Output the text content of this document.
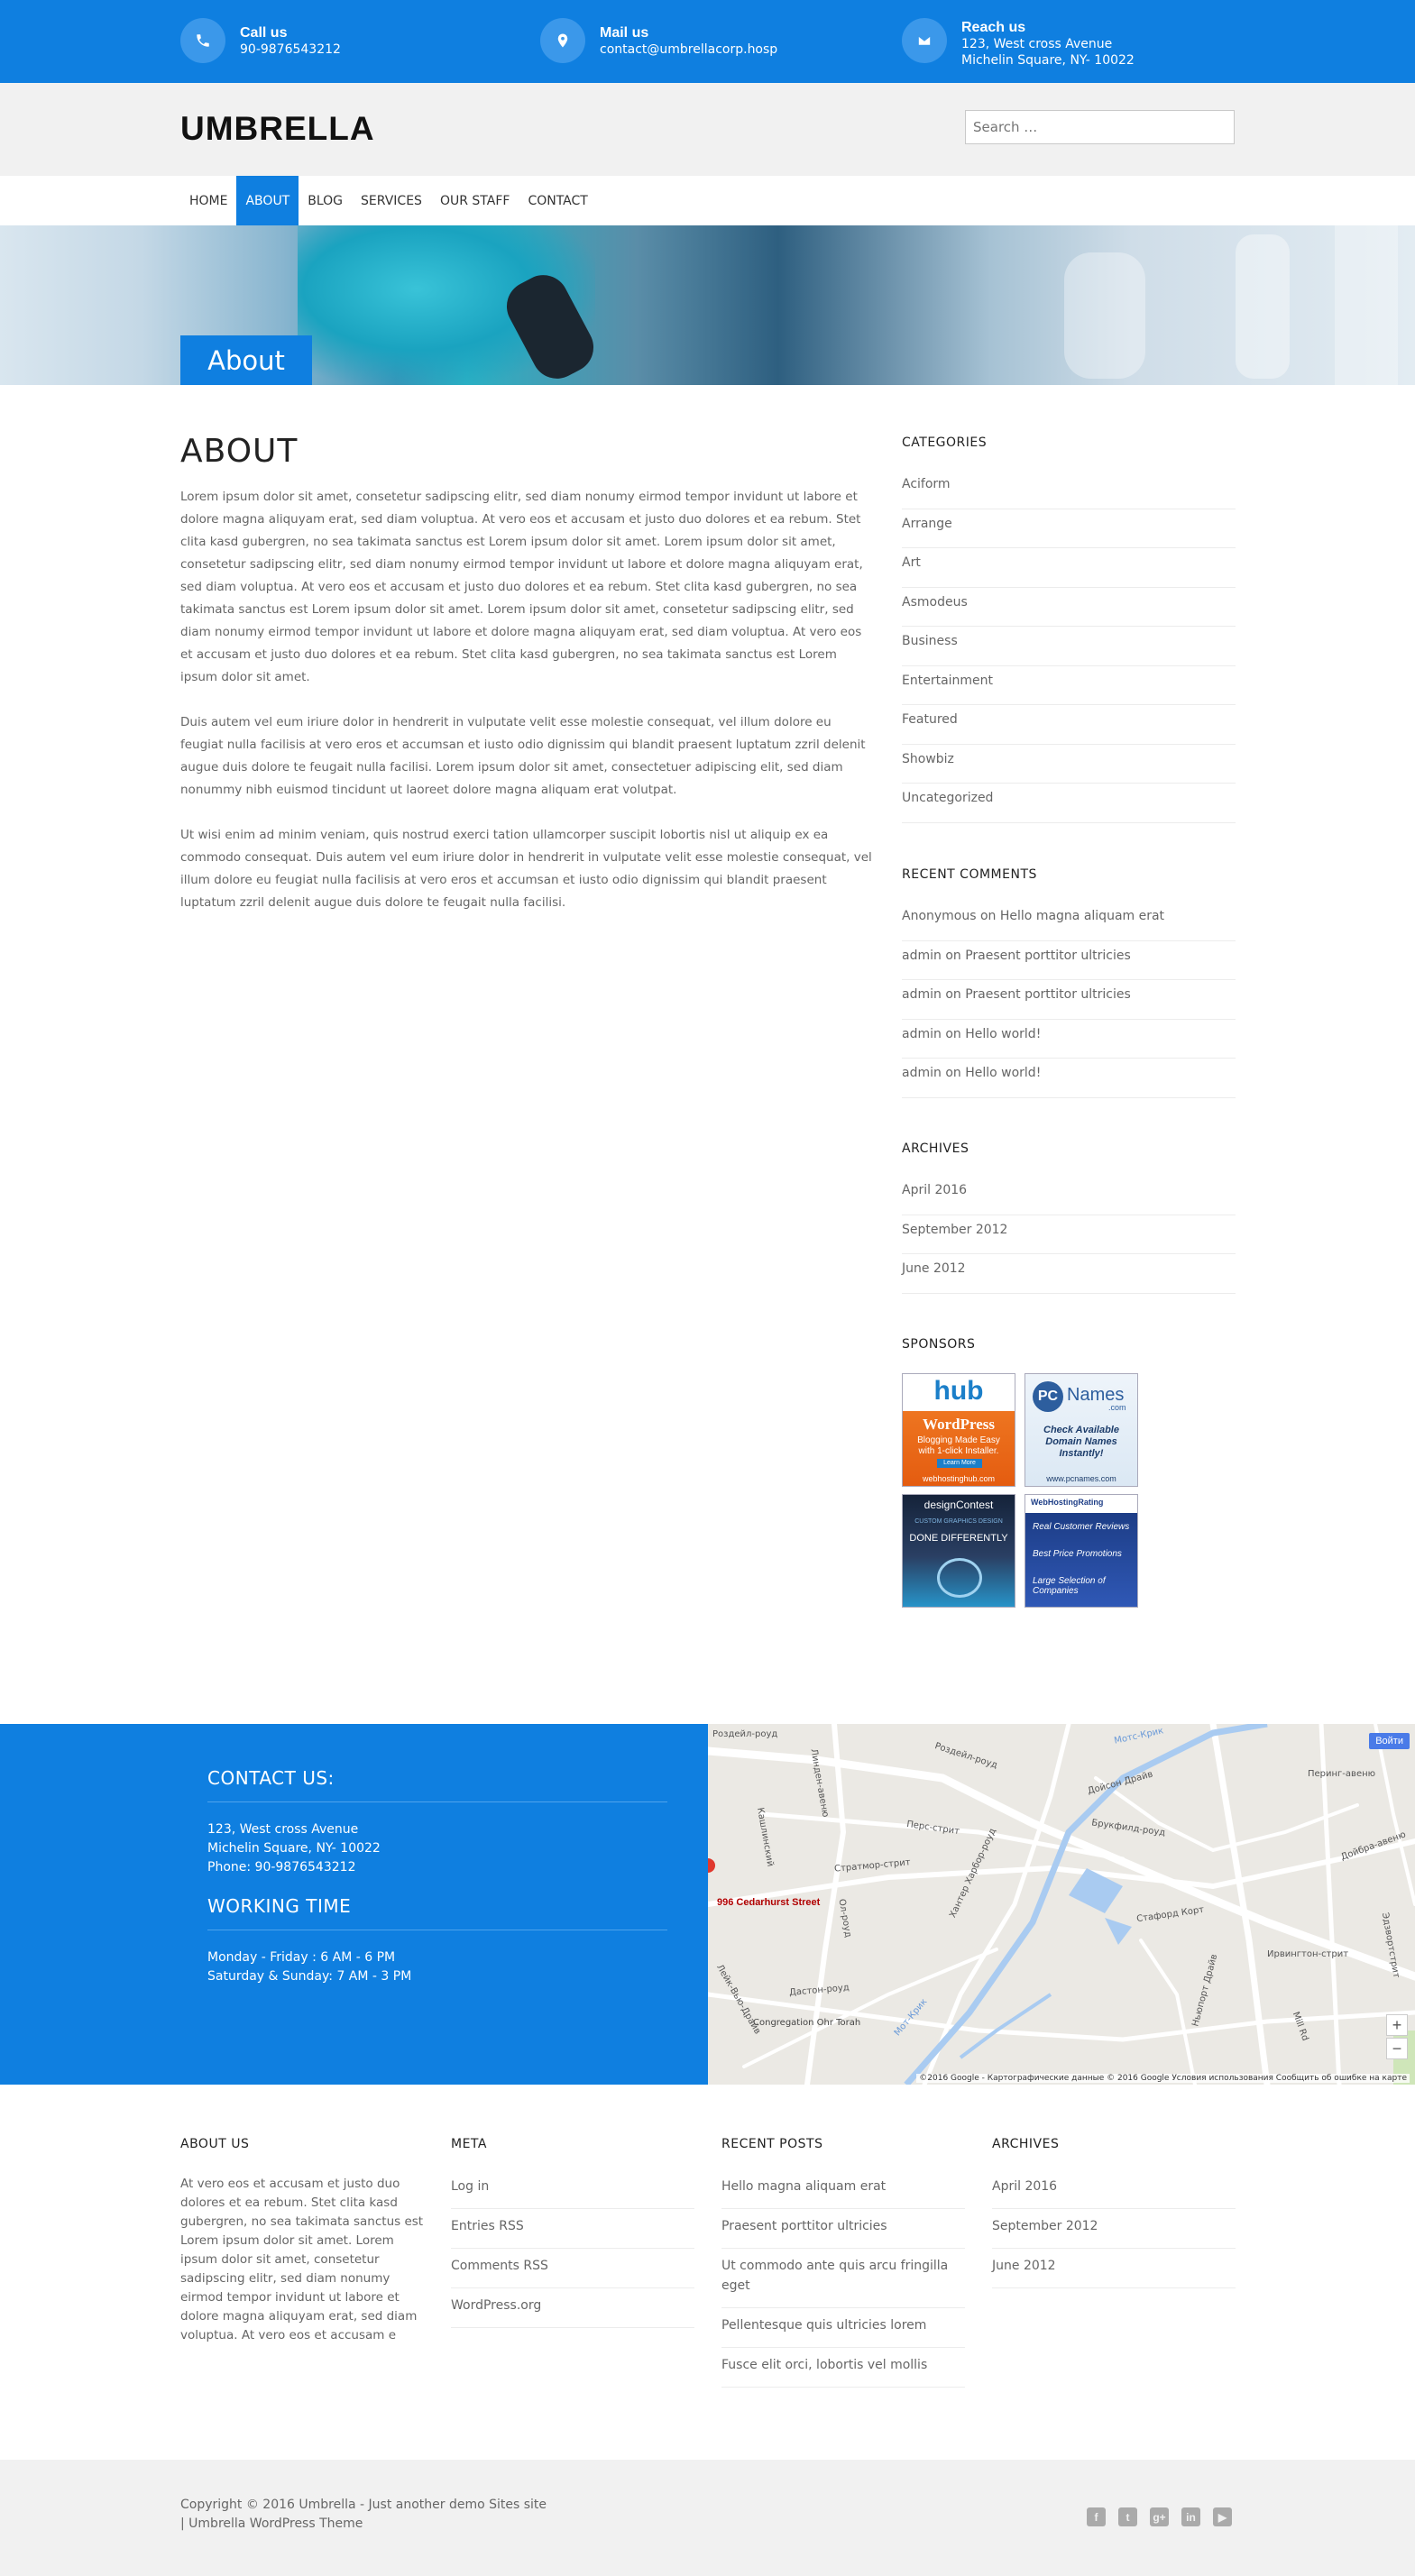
Call us
90-9876543212
Mail us
contact@umbrellacorp.hosp
Reach us
123, West cross Avenue
Michelin Square, NY- 10022
UMBRELLA
Search …
HOME	ABOUT	BLOG	SERVICES	OUR STAFF	CONTACT
About
ABOUT

Lorem ipsum dolor sit amet, consetetur sadipscing elitr, sed diam nonumy eirmod tempor invidunt ut labore et dolore magna aliquyam erat, sed diam voluptua. At vero eos et accusam et justo duo dolores et ea rebum. Stet clita kasd gubergren, no sea takimata sanctus est Lorem ipsum dolor sit amet. Lorem ipsum dolor sit amet, consetetur sadipscing elitr, sed diam nonumy eirmod tempor invidunt ut labore et dolore magna aliquyam erat, sed diam voluptua. At vero eos et accusam et justo duo dolores et ea rebum. Stet clita kasd gubergren, no sea takimata sanctus est Lorem ipsum dolor sit amet. Lorem ipsum dolor sit amet, consetetur sadipscing elitr, sed diam nonumy eirmod tempor invidunt ut labore et dolore magna aliquyam erat, sed diam voluptua. At vero eos et accusam et justo duo dolores et ea rebum. Stet clita kasd gubergren, no sea takimata sanctus est Lorem ipsum dolor sit amet.

Duis autem vel eum iriure dolor in hendrerit in vulputate velit esse molestie consequat, vel illum dolore eu feugiat nulla facilisis at vero eros et accumsan et iusto odio dignissim qui blandit praesent luptatum zzril delenit augue duis dolore te feugait nulla facilisi. Lorem ipsum dolor sit amet, consectetuer adipiscing elit, sed diam nonummy nibh euismod tincidunt ut laoreet dolore magna aliquam erat volutpat.

Ut wisi enim ad minim veniam, quis nostrud exerci tation ullamcorper suscipit lobortis nisl ut aliquip ex ea commodo consequat. Duis autem vel eum iriure dolor in hendrerit in vulputate velit esse molestie consequat, vel illum dolore eu feugiat nulla facilisis at vero eros et accumsan et iusto odio dignissim qui blandit praesent luptatum zzril delenit augue duis dolore te feugait nulla facilisi.

CATEGORIES
Aciform
Arrange
Art
Asmodeus
Business
Entertainment
Featured
Showbiz
Uncategorized
RECENT COMMENTS
Anonymous on Hello magna aliquam erat
admin on Praesent porttitor ultricies
admin on Praesent porttitor ultricies
admin on Hello world!
admin on Hello world!
ARCHIVES
April 2016
September 2012
June 2012
SPONSORS
hub
WordPress
Blogging Made Easy with 1-click Installer.
Learn More
webhostinghub.com
PC Names
.com
Check Available Domain Names Instantly!
www.pcnames.com
designContest
CUSTOM GRAPHICS DESIGN
DONE DIFFERENTLY
WebHostingRating
Real Customer Reviews
Best Price Promotions
Large Selection of Companies
CONTACT US:
123, West cross Avenue
Michelin Square, NY- 10022
Phone: 90-9876543212
WORKING TIME
Monday - Friday : 6 AM - 6 PM
Saturday & Sunday: 7 AM - 3 PM
Роздейл-роуд
Роздейл-роуд
Мотс-Крик
Дойсон Драйв	Перинг-авеню
Брукфилд-роуд
Стратмор-стрит
Перс-стрит
Хантер Харбор-роуд
Кашлинский
Стафорд Корт
Ирвингтон-стрит
Дастон-роуд
Congregation Ohr Torah
Лейк-Вью-Драйв	Мот-Крик	Mill Rd
Эдзвортстрит
Дойбра-авеню
Ньюпорт Драйв
Ол-роуд
Линден-авеню
996 Cedarhurst Street
Войти
+
−
©2016 Google - Картографические данные © 2016 Google Условия использования Сообщить об ошибке на карте
ABOUT US

At vero eos et accusam et justo duo dolores et ea rebum. Stet clita kasd gubergren, no sea takimata sanctus est Lorem ipsum dolor sit amet. Lorem ipsum dolor sit amet, consetetur sadipscing elitr, sed diam nonumy eirmod tempor invidunt ut labore et dolore magna aliquyam erat, sed diam voluptua. At vero eos et accusam e

META
Log in
Entries RSS
Comments RSS
WordPress.org
RECENT POSTS
Hello magna aliquam erat
Praesent porttitor ultricies
Ut commodo ante quis arcu fringilla eget
Pellentesque quis ultricies lorem
Fusce elit orci, lobortis vel mollis
ARCHIVES
April 2016
September 2012
June 2012
Copyright © 2016 Umbrella - Just another demo Sites site
| Umbrella WordPress Theme	f	t	g+	in	▶
